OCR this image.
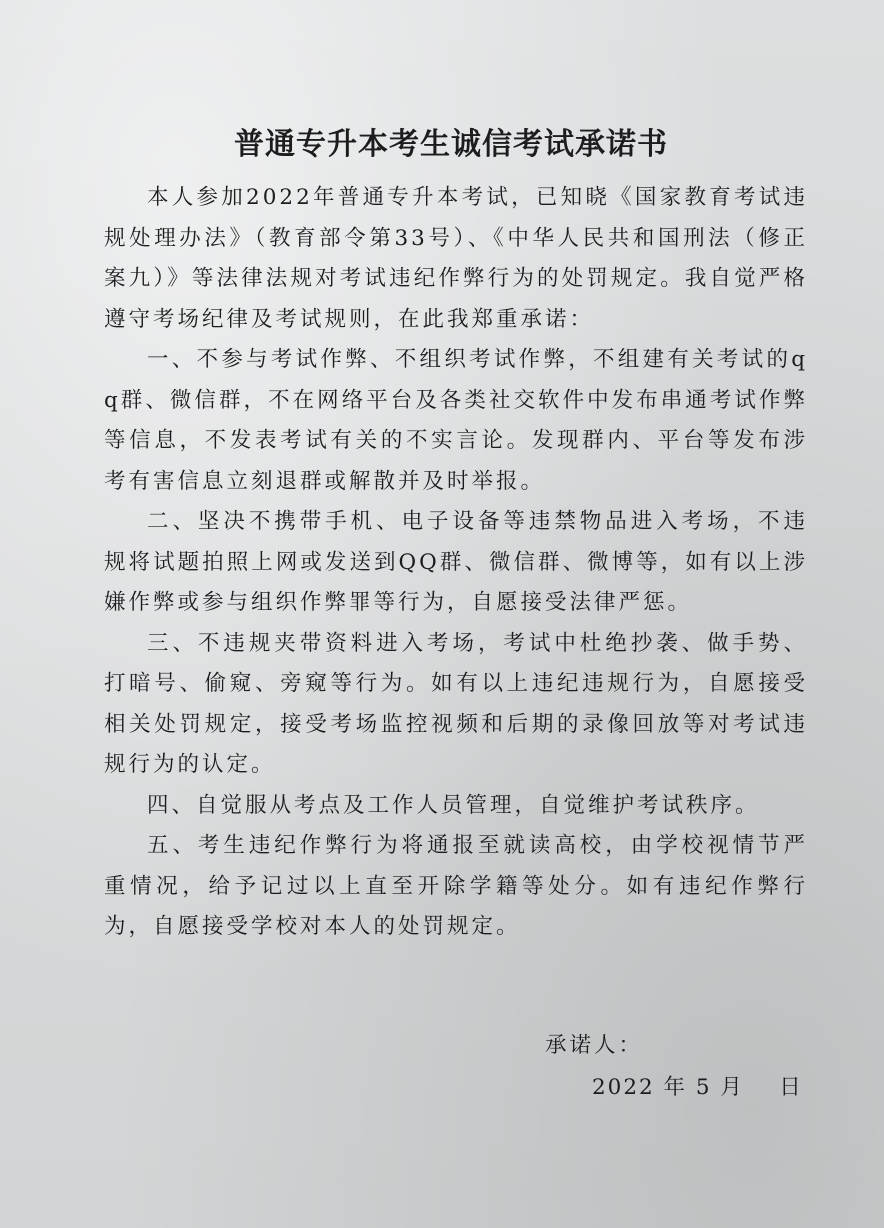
普通专升本考生诚信考试承诺书

本人参加2022年普通专升本考试，已知晓《国家教育考试违规处理办法》（教育部令第33号）、《中华人民共和国刑法（修正案九）》等法律法规对考试违纪作弊行为的处罚规定。我自觉严格遵守考场纪律及考试规则，在此我郑重承诺：

一、不参与考试作弊、不组织考试作弊，不组建有关考试的qq群、微信群，不在网络平台及各类社交软件中发布串通考试作弊等信息，不发表考试有关的不实言论。发现群内、平台等发布涉考有害信息立刻退群或解散并及时举报。

二、坚决不携带手机、电子设备等违禁物品进入考场，不违规将试题拍照上网或发送到QQ群、微信群、微博等，如有以上涉嫌作弊或参与组织作弊罪等行为，自愿接受法律严惩。

三、不违规夹带资料进入考场，考试中杜绝抄袭、做手势、打暗号、偷窥、旁窥等行为。如有以上违纪违规行为，自愿接受相关处罚规定，接受考场监控视频和后期的录像回放等对考试违规行为的认定。

四、自觉服从考点及工作人员管理，自觉维护考试秩序。

五、考生违纪作弊行为将通报至就读高校，由学校视情节严重情况，给予记过以上直至开除学籍等处分。如有违纪作弊行为，自愿接受学校对本人的处罚规定。

承诺人：
2022 年 5 月    日
